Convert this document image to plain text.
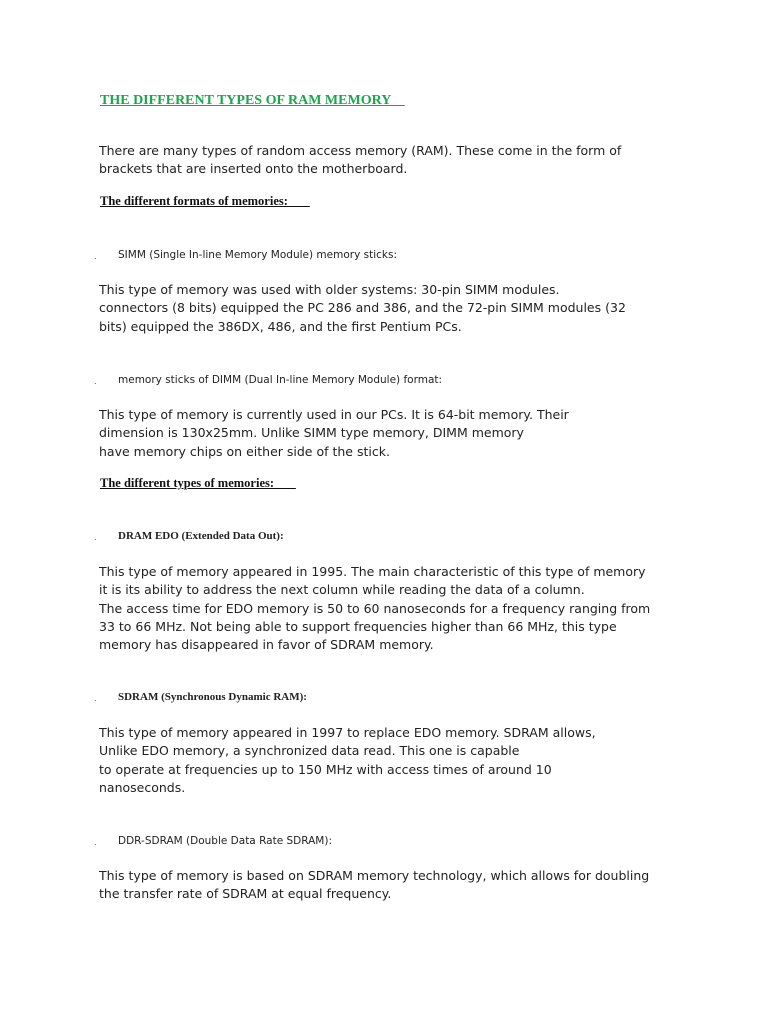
THE DIFFERENT TYPES OF RAM MEMORY
There are many types of random access memory (RAM). These come in the form of
brackets that are inserted onto the motherboard.
The different formats of memories:
. SIMM (Single In-line Memory Module) memory sticks:
This type of memory was used with older systems: 30-pin SIMM modules.
connectors (8 bits) equipped the PC 286 and 386, and the 72-pin SIMM modules (32
bits) equipped the 386DX, 486, and the first Pentium PCs.
. memory sticks of DIMM (Dual In-line Memory Module) format:
This type of memory is currently used in our PCs. It is 64-bit memory. Their
dimension is 130x25mm. Unlike SIMM type memory, DIMM memory
have memory chips on either side of the stick.
The different types of memories:
. DRAM EDO (Extended Data Out):
This type of memory appeared in 1995. The main characteristic of this type of memory
it is its ability to address the next column while reading the data of a column.
The access time for EDO memory is 50 to 60 nanoseconds for a frequency ranging from
33 to 66 MHz. Not being able to support frequencies higher than 66 MHz, this type
memory has disappeared in favor of SDRAM memory.
. SDRAM (Synchronous Dynamic RAM):
This type of memory appeared in 1997 to replace EDO memory. SDRAM allows,
Unlike EDO memory, a synchronized data read. This one is capable
to operate at frequencies up to 150 MHz with access times of around 10
nanoseconds.
. DDR-SDRAM (Double Data Rate SDRAM):
This type of memory is based on SDRAM memory technology, which allows for doubling
the transfer rate of SDRAM at equal frequency.
